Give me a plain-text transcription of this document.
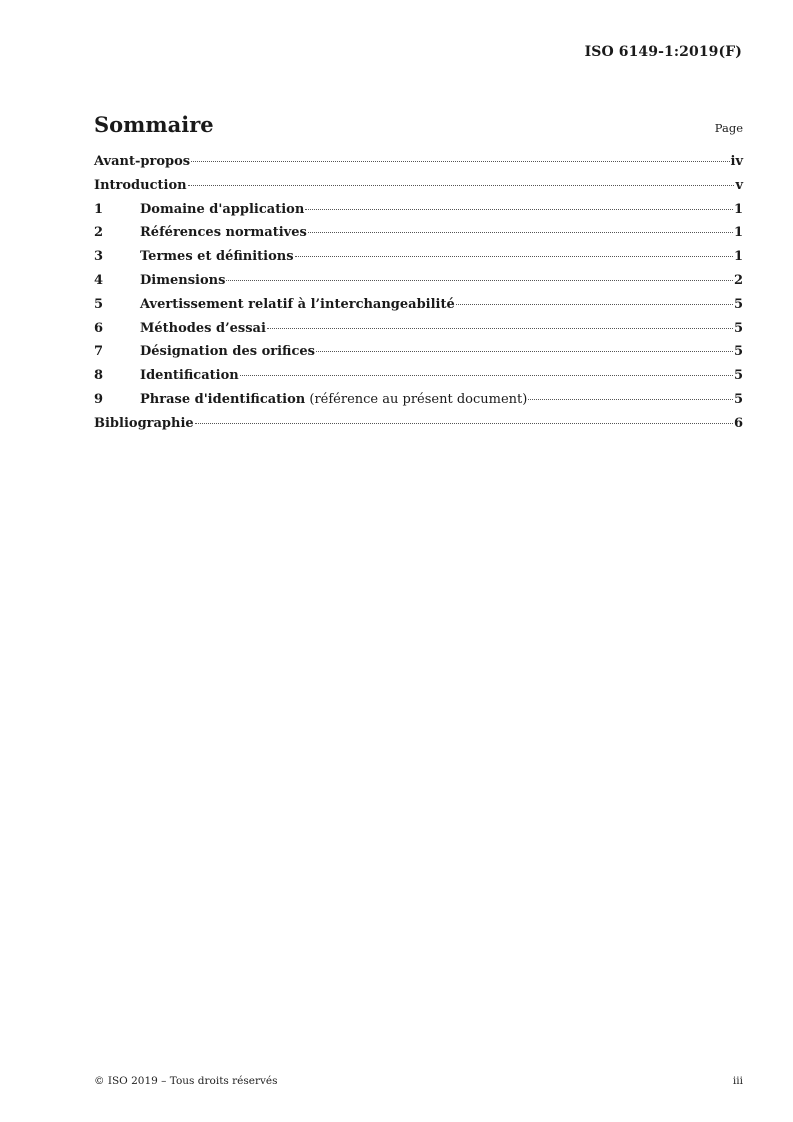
ISO 6149-1:2019(F)
Sommaire	Page
Avant-propos	iv
Introduction	v
1	Domaine d'application	1
2	Références normatives	1
3	Termes et définitions	1
4	Dimensions	2
5	Avertissement relatif à l’interchangeabilité	5
6	Méthodes d’essai	5
7	Désignation des orifices	5
8	Identification	5
9	Phrase d'identification (référence au présent document)	5
Bibliographie	6
© ISO 2019 – Tous droits réservés	iii
